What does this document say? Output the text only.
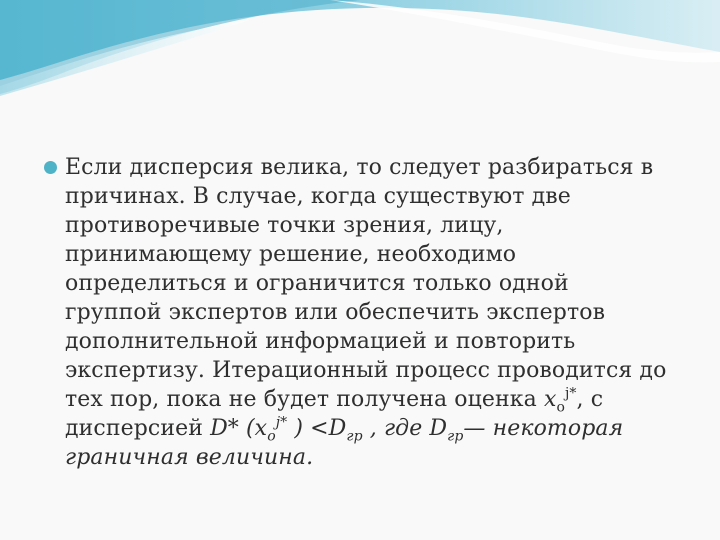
Если дисперсия велика, то следует разбираться в
причинах. В случае, когда существуют две
противоречивые точки зрения, лицу,
принимающему решение, необходимо
определиться и ограничится только одной
группой экспертов или обеспечить экспертов
дополнительной информацией и повторить
экспертизу. Итерационный процесс проводится до
тех пор, пока не будет получена оценка $x_o^{j*}$, с
дисперсией D* ($x_o^{j*}$ ) $<D_{гр}$ , где $D_{гр}—$ некоторая
граничная величина.
